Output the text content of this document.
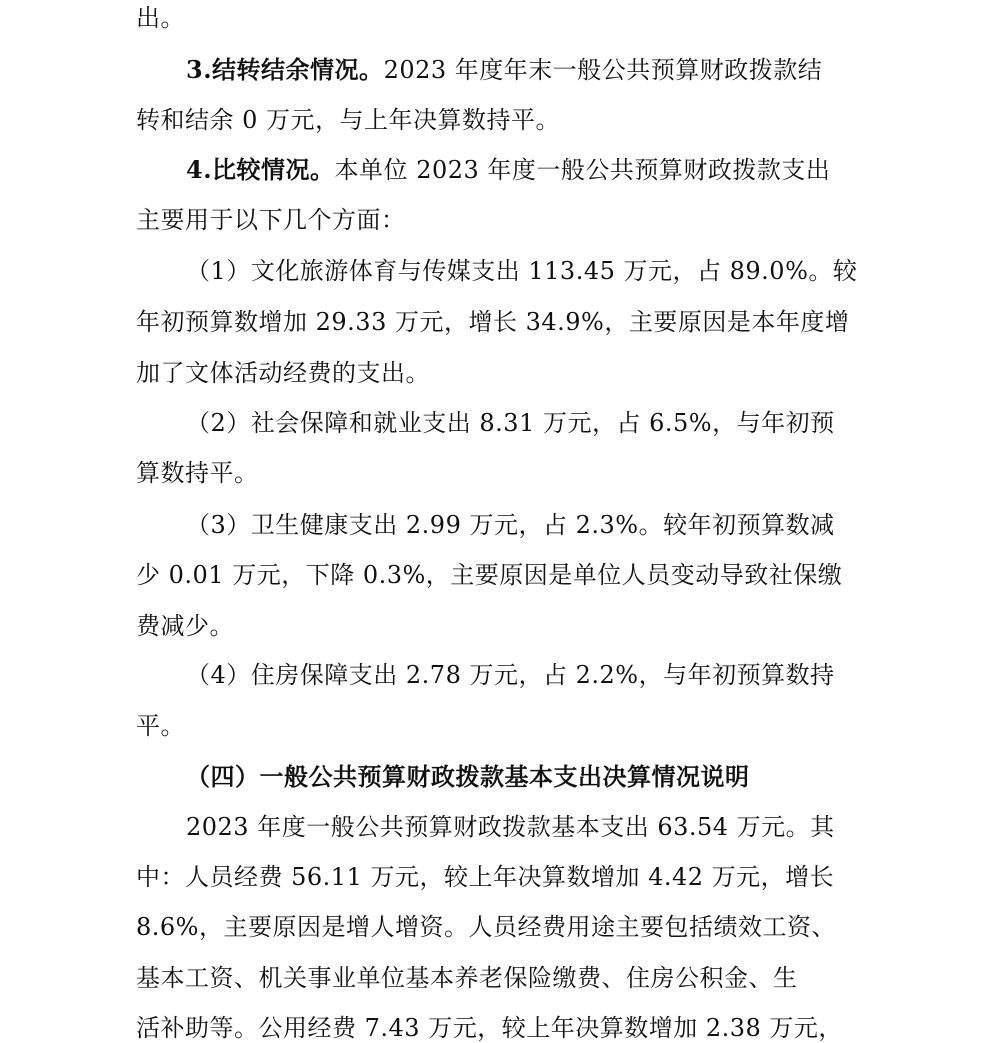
出。
3.结转结余情况。2023 年度年末一般公共预算财政拨款结
转和结余 0 万元，与上年决算数持平。
4.比较情况。本单位 2023 年度一般公共预算财政拨款支出
主要用于以下几个方面：
（1）文化旅游体育与传媒支出 113.45 万元，占 89.0%。较
年初预算数增加 29.33 万元，增长 34.9%，主要原因是本年度增
加了文体活动经费的支出。
（2）社会保障和就业支出 8.31 万元，占 6.5%，与年初预
算数持平。
（3）卫生健康支出 2.99 万元，占 2.3%。较年初预算数减
少 0.01 万元，下降 0.3%，主要原因是单位人员变动导致社保缴
费减少。
（4）住房保障支出 2.78 万元，占 2.2%，与年初预算数持
平。
（四）一般公共预算财政拨款基本支出决算情况说明
2023 年度一般公共预算财政拨款基本支出 63.54 万元。其
中：人员经费 56.11 万元，较上年决算数增加 4.42 万元，增长
8.6%，主要原因是增人增资。人员经费用途主要包括绩效工资、
基本工资、机关事业单位基本养老保险缴费、住房公积金、生
活补助等。公用经费 7.43 万元，较上年决算数增加 2.38 万元，
